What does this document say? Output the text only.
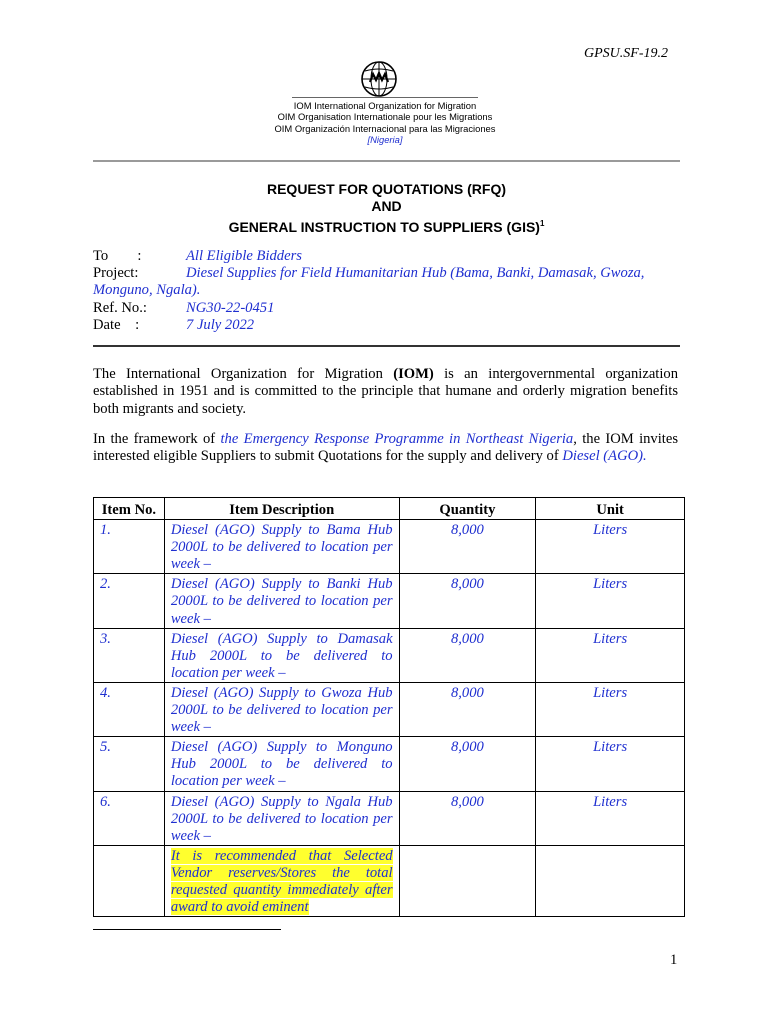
GPSU.SF-19.2
IOM International Organization for Migration
OIM Organisation Internationale pour les Migrations
OIM Organización Internacional para las Migraciones
[Nigeria]
REQUEST FOR QUOTATIONS (RFQ)
AND
GENERAL INSTRUCTION TO SUPPLIERS (GIS)$^1$
To        :	All Eligible Bidders
Project:	Diesel Supplies for Field Humanitarian Hub (Bama, Banki, Damasak, Gwoza,
Monguno, Ngala).
Ref. No.:	NG30-22-0451
Date    :	7 July 2022
The International Organization for Migration (IOM) is an intergovernmental organization established in 1951 and is committed to the principle that humane and orderly migration benefits both migrants and society.
In the framework of the Emergency Response Programme in Northeast Nigeria, the IOM invites interested eligible Suppliers to submit Quotations for the supply and delivery of Diesel (AGO).
Item No.	Item Description	Quantity	Unit
1.	Diesel (AGO) Supply to Bama Hub 2000L to be delivered to location per week –	8,000	Liters
2.	Diesel (AGO) Supply to Banki Hub 2000L to be delivered to location per week –	8,000	Liters
3.	Diesel (AGO) Supply to Damasak Hub 2000L to be delivered to location per week –	8,000	Liters
4.	Diesel (AGO) Supply to Gwoza Hub 2000L to be delivered to location per week –	8,000	Liters
5.	Diesel (AGO) Supply to Monguno Hub 2000L to be delivered to location per week –	8,000	Liters
6.	Diesel (AGO) Supply to Ngala Hub 2000L to be delivered to location per week –	8,000	Liters
	It is recommended that Selected Vendor reserves/Stores the total requested quantity immediately after award to avoid eminent		
1
